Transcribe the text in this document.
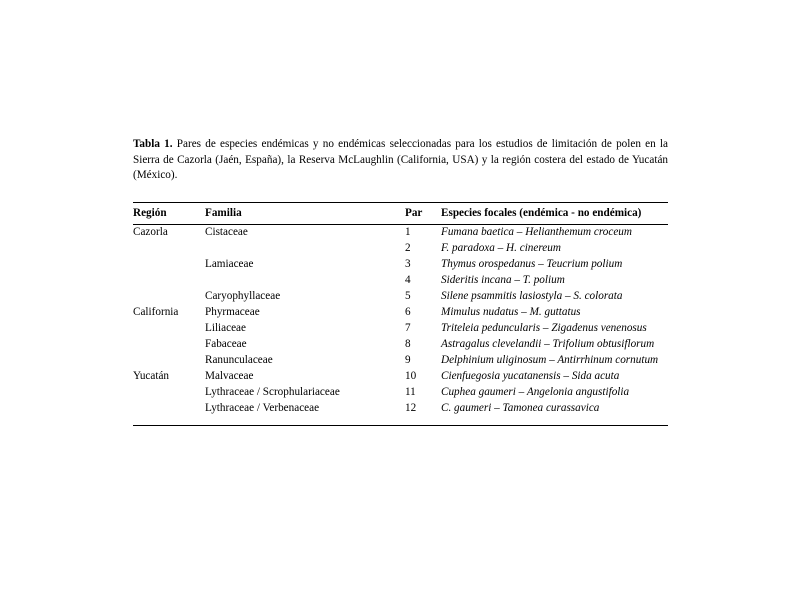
Tabla 1. Pares de especies endémicas y no endémicas seleccionadas para los estudios de limitación de polen en la Sierra de Cazorla (Jaén, España), la Reserva McLaughlin (California, USA) y la región costera del estado de Yucatán (México).

Región	Familia	Par	Especies focales (endémica - no endémica)
Cazorla	Cistaceae	1	Fumana baetica – Helianthemum croceum
		2	F. paradoxa – H. cinereum
	Lamiaceae	3	Thymus orospedanus – Teucrium polium
		4	Sideritis incana – T. polium
	Caryophyllaceae	5	Silene psammitis lasiostyla – S. colorata
California	Phyrmaceae	6	Mimulus nudatus – M. guttatus
	Liliaceae	7	Triteleia peduncularis – Zigadenus venenosus
	Fabaceae	8	Astragalus clevelandii – Trifolium obtusiflorum
	Ranunculaceae	9	Delphinium uliginosum – Antirrhinum cornutum
Yucatán	Malvaceae	10	Cienfuegosia yucatanensis – Sida acuta
	Lythraceae / Scrophulariaceae	11	Cuphea gaumeri – Angelonia angustifolia
	Lythraceae / Verbenaceae	12	C. gaumeri – Tamonea curassavica
